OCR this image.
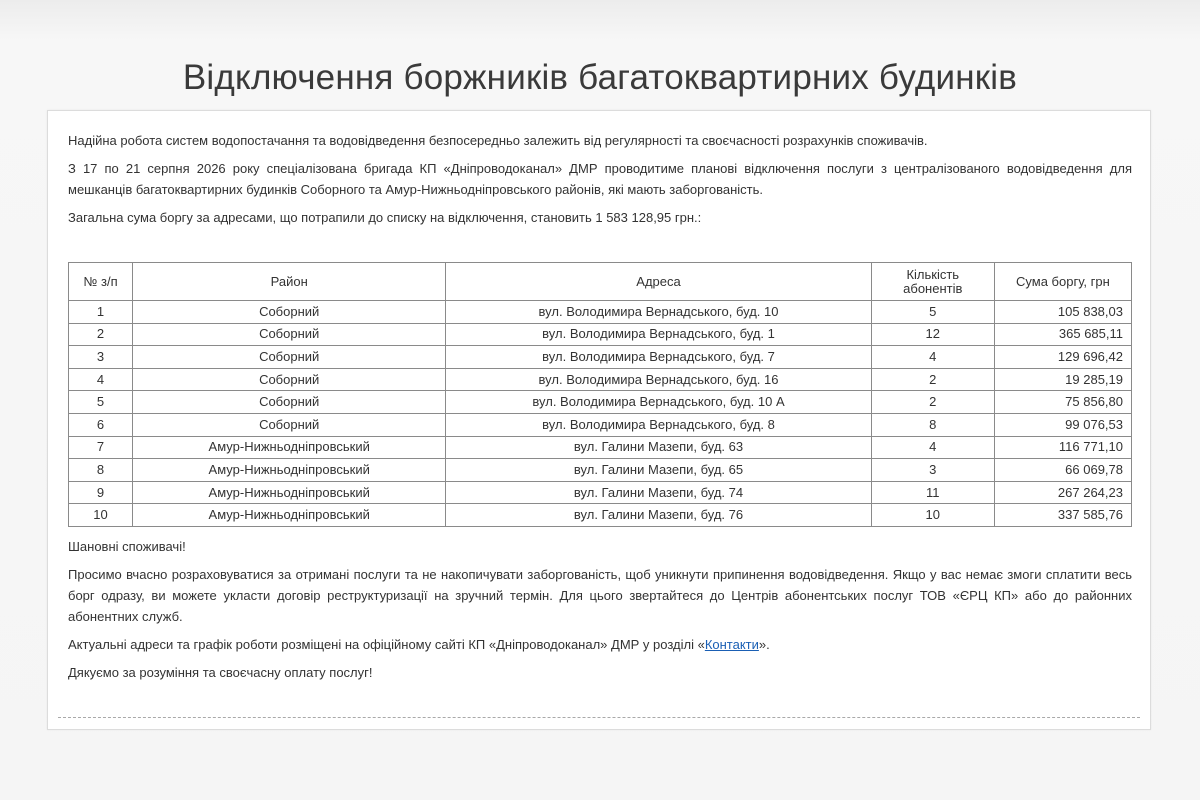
Відключення боржників багатоквартирних будинків

Надійна робота систем водопостачання та водовідведення безпосередньо залежить від регулярності та своєчасності розрахунків споживачів.

З 17 по 21 серпня 2026 року спеціалізована бригада КП «Дніпроводоканал» ДМР проводитиме планові відключення послуги з централізованого водовідведення для мешканців багатоквартирних будинків Соборного та Амур-Нижньодніпровського районів, які мають заборгованість.

Загальна сума боргу за адресами, що потрапили до списку на відключення, становить 1 583 128,95 грн.:

№ з/п	Район	Адреса	Кількість абонентів	Сума боргу, грн
1	Соборний	вул. Володимира Вернадського, буд. 10	5	105 838,03
2	Соборний	вул. Володимира Вернадського, буд. 1	12	365 685,11
3	Соборний	вул. Володимира Вернадського, буд. 7	4	129 696,42
4	Соборний	вул. Володимира Вернадського, буд. 16	2	19 285,19
5	Соборний	вул. Володимира Вернадського, буд. 10 А	2	75 856,80
6	Соборний	вул. Володимира Вернадського, буд. 8	8	99 076,53
7	Амур-Нижньодніпровський	вул. Галини Мазепи, буд. 63	4	116 771,10
8	Амур-Нижньодніпровський	вул. Галини Мазепи, буд. 65	3	66 069,78
9	Амур-Нижньодніпровський	вул. Галини Мазепи, буд. 74	11	267 264,23
10	Амур-Нижньодніпровський	вул. Галини Мазепи, буд. 76	10	337 585,76

Шановні споживачі!

Просимо вчасно розраховуватися за отримані послуги та не накопичувати заборгованість, щоб уникнути припинення водовідведення. Якщо у вас немає змоги сплатити весь борг одразу, ви можете укласти договір реструктуризації на зручний термін. Для цього звертайтеся до Центрів абонентських послуг ТОВ «ЄРЦ КП» або до районних абонентних служб.

Актуальні адреси та графік роботи розміщені на офіційному сайті КП «Дніпроводоканал» ДМР у розділі «Контакти».

Дякуємо за розуміння та своєчасну оплату послуг!
